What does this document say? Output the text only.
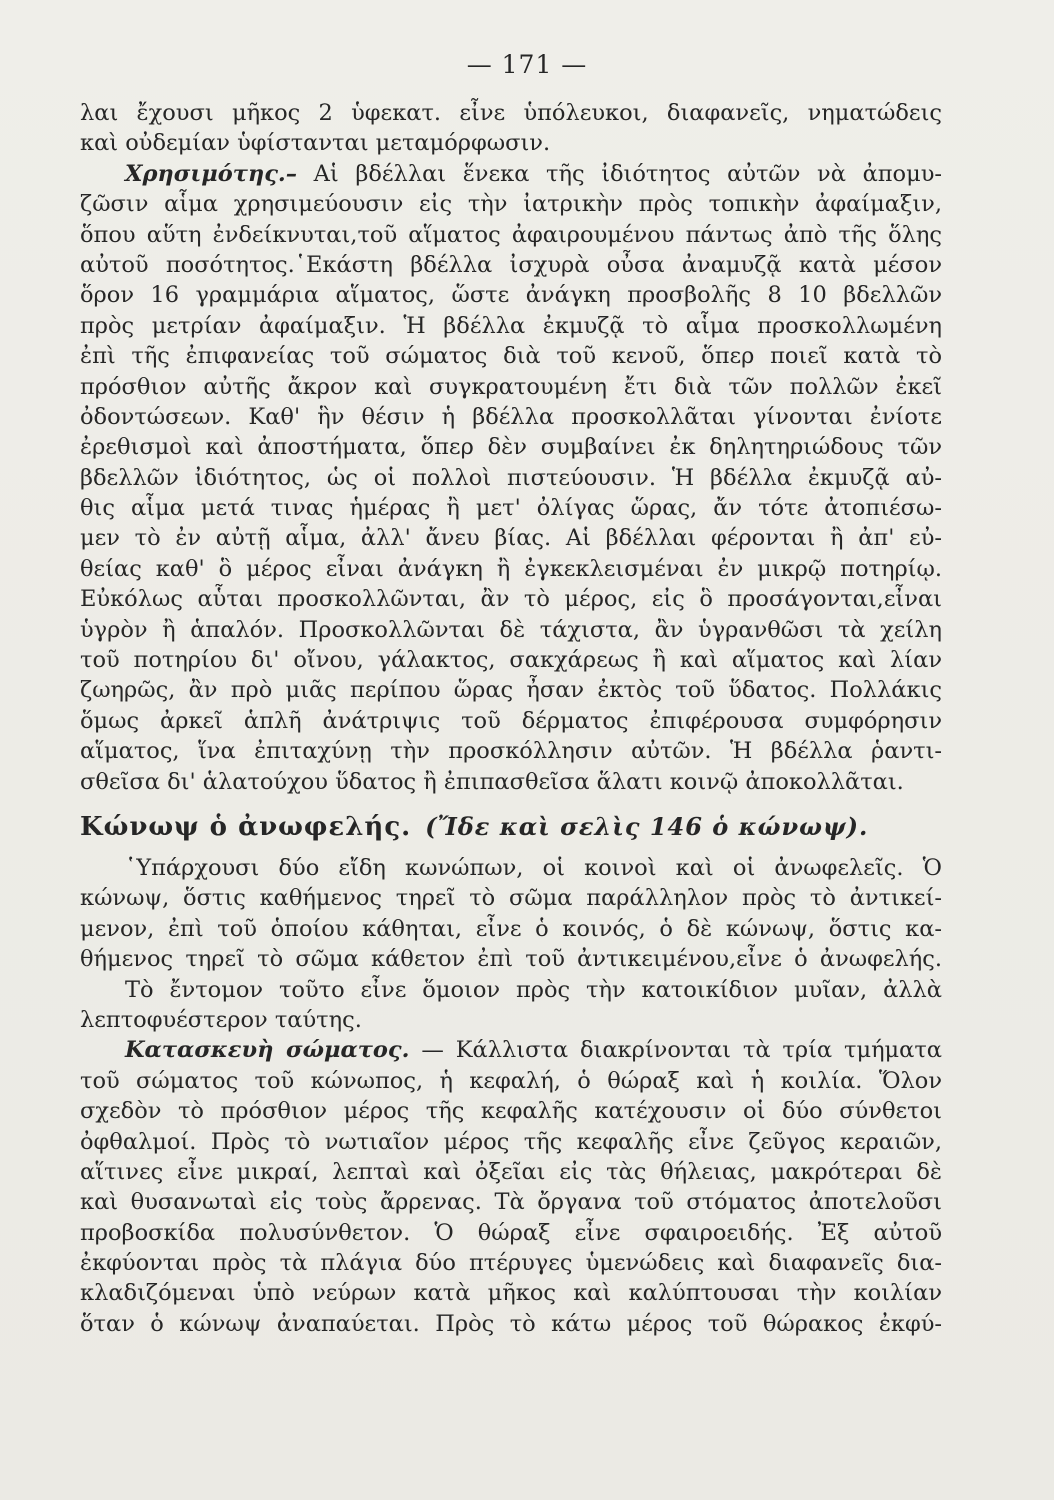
— 171 —
λαι ἔχουσι μῆκος 2 ὑφεκατ. εἶνε ὑπόλευκοι, διαφανεῖς, νηματώδεις
καὶ οὐδεμίαν ὑφίστανται μεταμόρφωσιν.
Χρησιμότης.– Αἱ βδέλλαι ἕνεκα τῆς ἰδιότητος αὐτῶν νὰ ἀπομυ-
ζῶσιν αἷμα χρησιμεύουσιν εἰς τὴν ἰατρικὴν πρὸς τοπικὴν ἀφαίμαξιν,
ὅπου αὕτη ἐνδείκνυται,τοῦ αἵματος ἀφαιρουμένου πάντως ἀπὸ τῆς ὅλης
αὐτοῦ ποσότητος.῾Εκάστη βδέλλα ἰσχυρὰ οὖσα ἀναμυζᾷ κατὰ μέσον
ὅρον 16 γραμμάρια αἵματος, ὥστε ἀνάγκη προσβολῆς 8 10 βδελλῶν
πρὸς μετρίαν ἀφαίμαξιν. Ἡ βδέλλα ἐκμυζᾷ τὸ αἷμα προσκολλωμένη
ἐπὶ τῆς ἐπιφανείας τοῦ σώματος διὰ τοῦ κενοῦ, ὅπερ ποιεῖ κατὰ τὸ
πρόσθιον αὐτῆς ἄκρον καὶ συγκρατουμένη ἔτι διὰ τῶν πολλῶν ἐκεῖ
ὀδοντώσεων. Καθ' ἣν θέσιν ἡ βδέλλα προσκολλᾶται γίνονται ἐνίοτε
ἐρεθισμοὶ καὶ ἀποστήματα, ὅπερ δὲν συμβαίνει ἐκ δηλητηριώδους τῶν
βδελλῶν ἰδιότητος, ὡς οἱ πολλοὶ πιστεύουσιν. Ἡ βδέλλα ἐκμυζᾷ αὐ-
θις αἷμα μετά τινας ἡμέρας ἢ μετ' ὀλίγας ὥρας, ἄν τότε ἀτοπιέσω-
μεν τὸ ἐν αὐτῇ αἷμα, ἀλλ' ἄνευ βίας. Αἱ βδέλλαι φέρονται ἢ ἀπ' εὐ-
θείας καθ' ὃ μέρος εἶναι ἀνάγκη ἢ ἐγκεκλεισμέναι ἐν μικρῷ ποτηρίῳ.
Εὐκόλως αὗται προσκολλῶνται, ἂν τὸ μέρος, εἰς ὃ προσάγονται,εἶναι
ὑγρὸν ἢ ἁπαλόν. Προσκολλῶνται δὲ τάχιστα, ἂν ὑγρανθῶσι τὰ χείλη
τοῦ ποτηρίου δι' οἴνου, γάλακτος, σακχάρεως ἢ καὶ αἵματος καὶ λίαν
ζωηρῶς, ἂν πρὸ μιᾶς περίπου ὥρας ἦσαν ἐκτὸς τοῦ ὕδατος. Πολλάκις
ὅμως ἀρκεῖ ἁπλῆ ἀνάτριψις τοῦ δέρματος ἐπιφέρουσα συμφόρησιν
αἵματος, ἵνα ἐπιταχύνῃ τὴν προσκόλλησιν αὐτῶν. Ἡ βδέλλα ῥαντι-
σθεῖσα δι' ἁλατούχου ὕδατος ἢ ἐπιπασθεῖσα ἅλατι κοινῷ ἀποκολλᾶται.
Κώνωψ ὁ ἀνωφελής. (Ἴδε καὶ σελὶς 146 ὁ κώνωψ).
῾Υπάρχουσι δύο εἴδη κωνώπων, οἱ κοινοὶ καὶ οἱ ἀνωφελεῖς. Ὁ
κώνωψ, ὅστις καθήμενος τηρεῖ τὸ σῶμα παράλληλον πρὸς τὸ ἀντικεί-
μενον, ἐπὶ τοῦ ὁποίου κάθηται, εἶνε ὁ κοινός, ὁ δὲ κώνωψ, ὅστις κα-
θήμενος τηρεῖ τὸ σῶμα κάθετον ἐπὶ τοῦ ἀντικειμένου,εἶνε ὁ ἀνωφελής.
Τὸ ἔντομον τοῦτο εἶνε ὅμοιον πρὸς τὴν κατοικίδιον μυῖαν, ἀλλὰ
λεπτοφυέστερον ταύτης.
Κατασκευὴ σώματος. — Κάλλιστα διακρίνονται τὰ τρία τμήματα
τοῦ σώματος τοῦ κώνωπος, ἡ κεφαλή, ὁ θώραξ καὶ ἡ κοιλία. Ὅλον
σχεδὸν τὸ πρόσθιον μέρος τῆς κεφαλῆς κατέχουσιν οἱ δύο σύνθετοι
ὀφθαλμοί. Πρὸς τὸ νωτιαῖον μέρος τῆς κεφαλῆς εἶνε ζεῦγος κεραιῶν,
αἵτινες εἶνε μικραί, λεπταὶ καὶ ὀξεῖαι εἰς τὰς θήλειας, μακρότεραι δὲ
καὶ θυσανωταὶ εἰς τοὺς ἄρρενας. Τὰ ὄργανα τοῦ στόματος ἀποτελοῦσι
προβοσκίδα πολυσύνθετον. Ὁ θώραξ εἶνε σφαιροειδής. Ἐξ αὐτοῦ
ἐκφύονται πρὸς τὰ πλάγια δύο πτέρυγες ὑμενώδεις καὶ διαφανεῖς δια-
κλαδιζόμεναι ὑπὸ νεύρων κατὰ μῆκος καὶ καλύπτουσαι τὴν κοιλίαν
ὅταν ὁ κώνωψ ἀναπαύεται. Πρὸς τὸ κάτω μέρος τοῦ θώρακος ἐκφύ-
